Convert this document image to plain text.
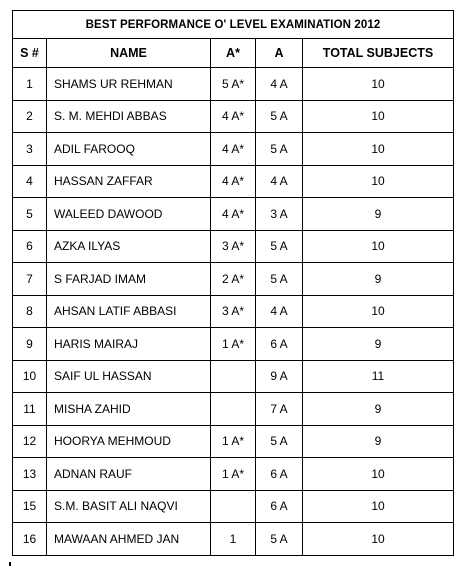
BEST PERFORMANCE O' LEVEL EXAMINATION 2012				
S #	NAME	A*	A	TOTAL SUBJECTS
1	SHAMS UR REHMAN	5 A*	4 A	10
2	S. M. MEHDI ABBAS	4 A*	5 A	10
3	ADIL FAROOQ	4 A*	5 A	10
4	HASSAN ZAFFAR	4 A*	4 A	10
5	WALEED DAWOOD	4 A*	3 A	9
6	AZKA ILYAS	3 A*	5 A	10
7	S FARJAD IMAM	2 A*	5 A	9
8	AHSAN LATIF ABBASI	3 A*	4 A	10
9	HARIS MAIRAJ	1 A*	6 A	9
10	SAIF UL HASSAN		9 A	11
11	MISHA ZAHID		7 A	9
12	HOORYA MEHMOUD	1 A*	5 A	9
13	ADNAN RAUF	1 A*	6 A	10
15	S.M. BASIT ALI NAQVI		6 A	10
16	MAWAAN AHMED JAN	1	5 A	10
